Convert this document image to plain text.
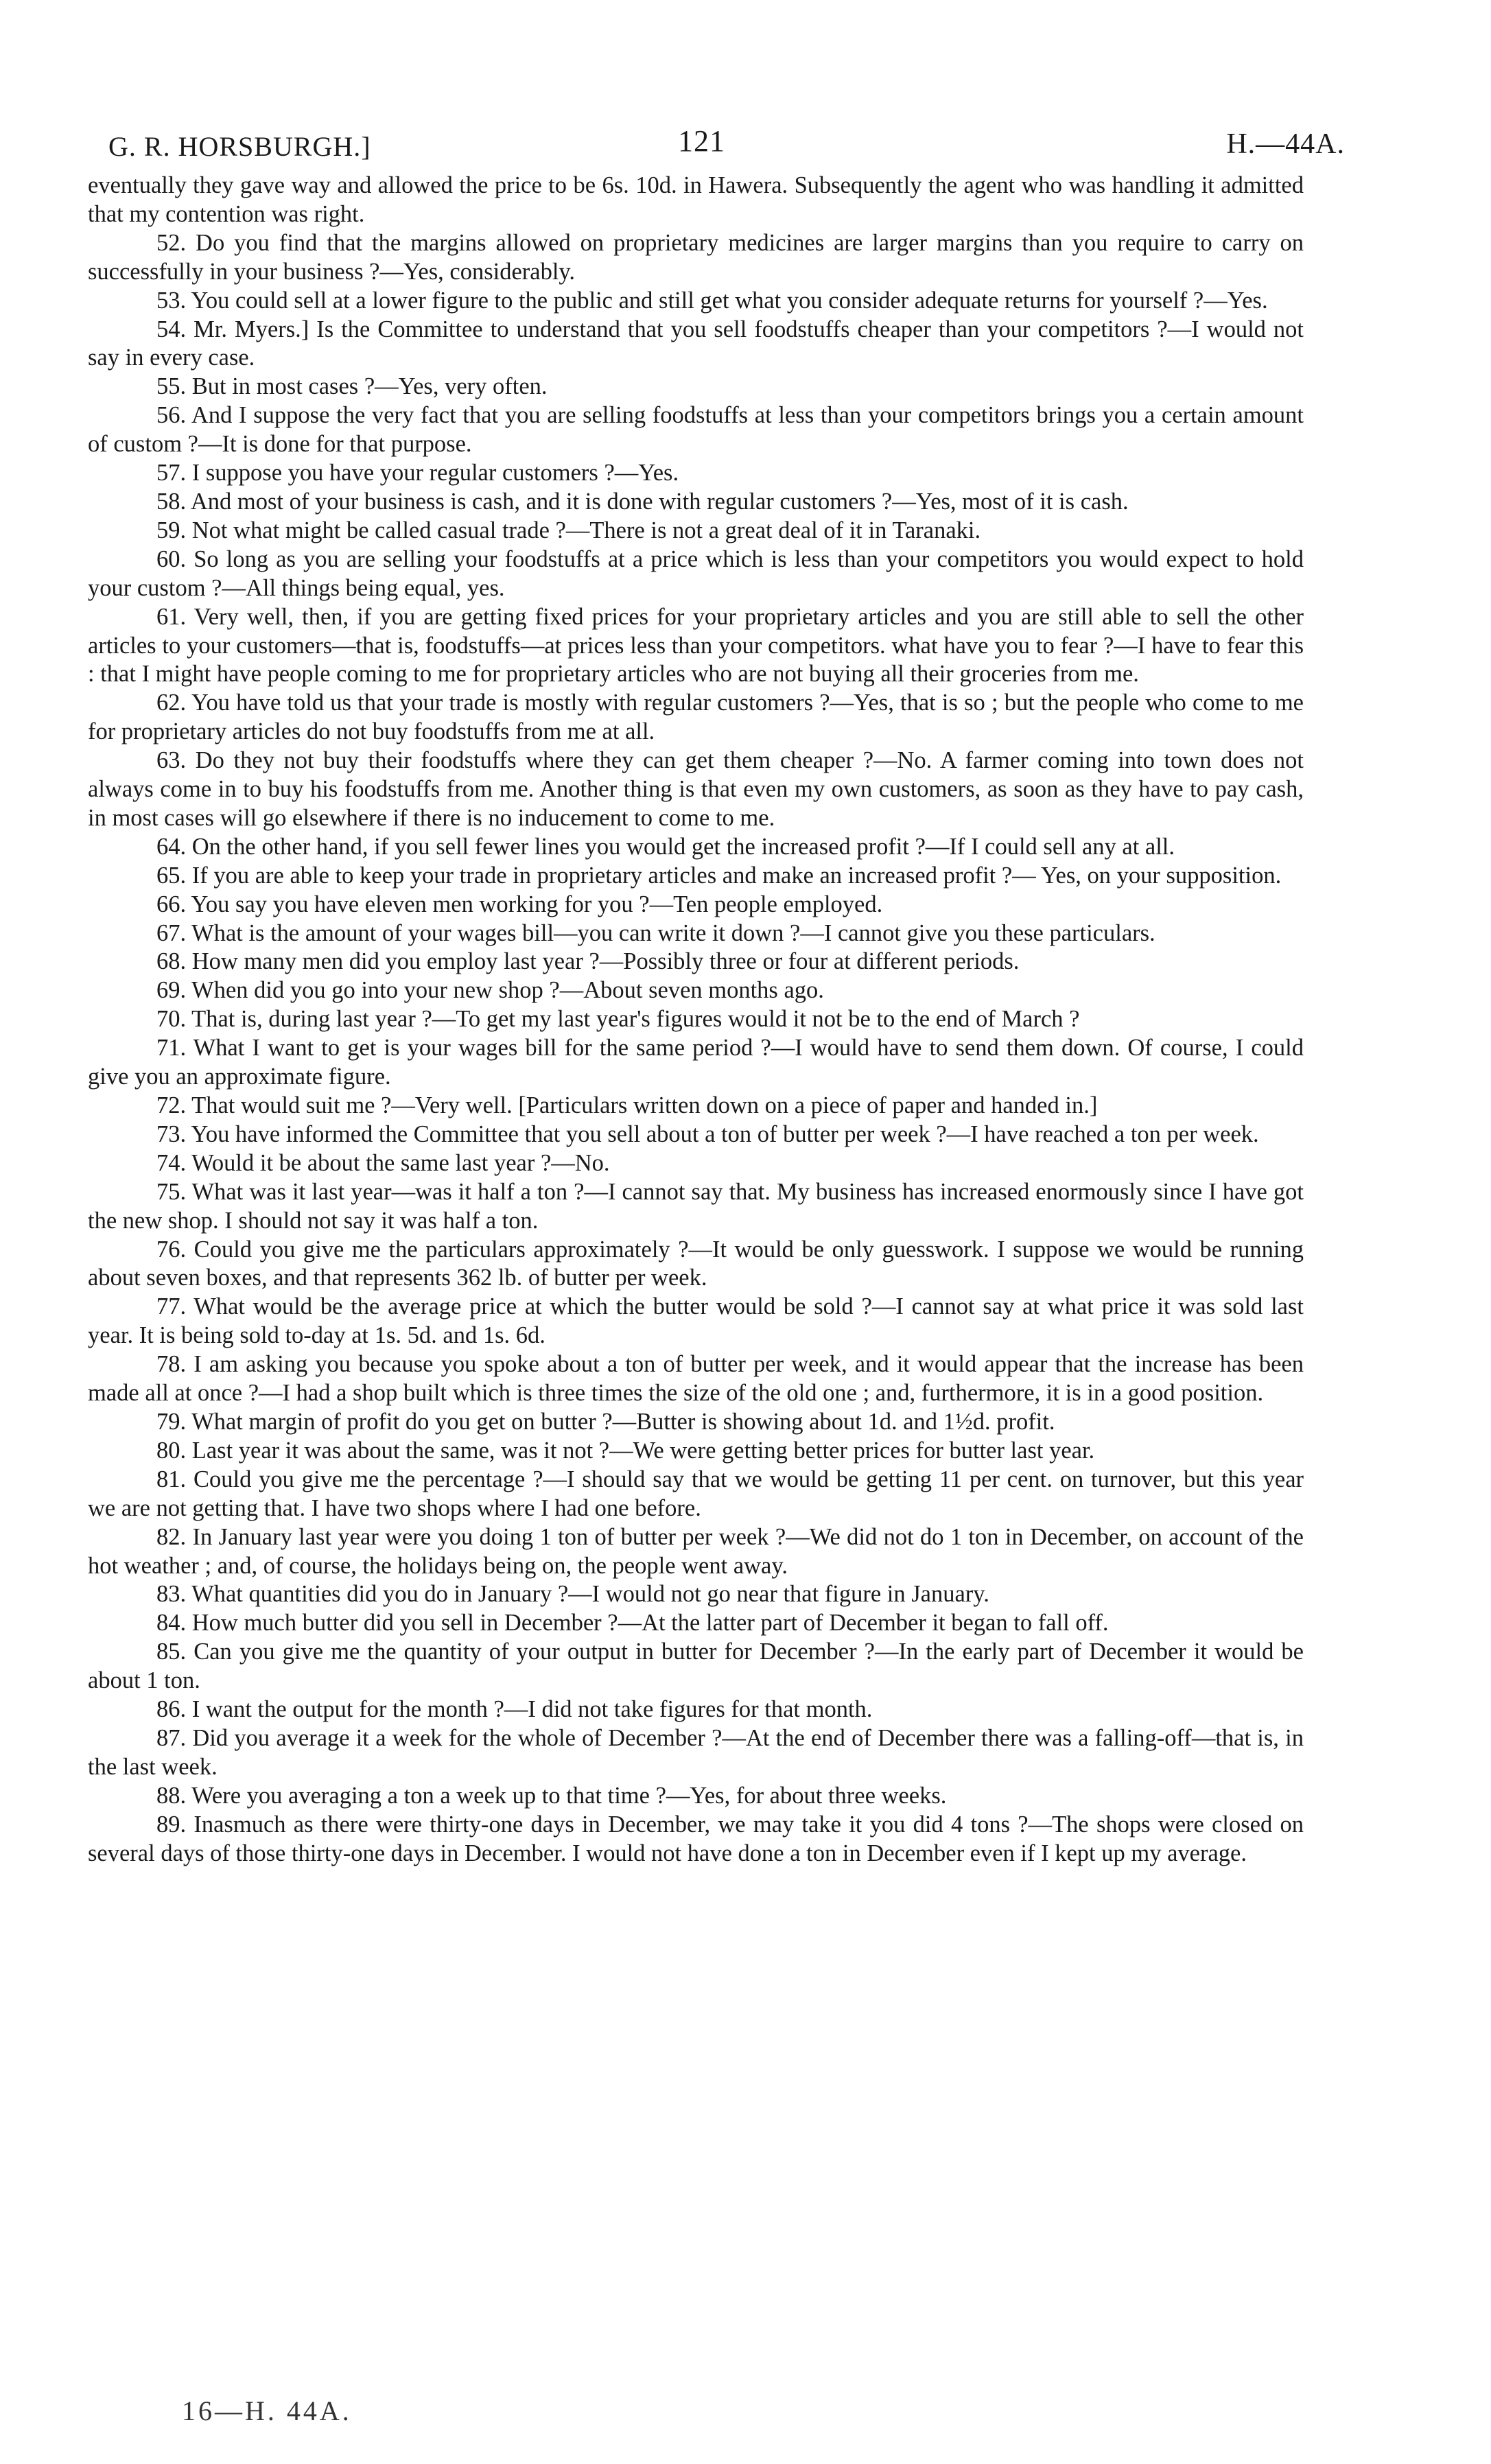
G. R. HORSBURGH.]	121	H.—44A.

eventually they gave way and allowed the price to be 6s. 10d. in Hawera. Subsequently the agent who was handling it admitted that my contention was right.

52. Do you find that the margins allowed on proprietary medicines are larger margins than you require to carry on successfully in your business ?—Yes, considerably.

53. You could sell at a lower figure to the public and still get what you consider adequate returns for yourself ?—Yes.

54. Mr. Myers.] Is the Committee to understand that you sell foodstuffs cheaper than your competitors ?—I would not say in every case.

55. But in most cases ?—Yes, very often.

56. And I suppose the very fact that you are selling foodstuffs at less than your competitors brings you a certain amount of custom ?—It is done for that purpose.

57. I suppose you have your regular customers ?—Yes.

58. And most of your business is cash, and it is done with regular customers ?—Yes, most of it is cash.

59. Not what might be called casual trade ?—There is not a great deal of it in Taranaki.

60. So long as you are selling your foodstuffs at a price which is less than your competitors you would expect to hold your custom ?—All things being equal, yes.

61. Very well, then, if you are getting fixed prices for your proprietary articles and you are still able to sell the other articles to your customers—that is, foodstuffs—at prices less than your competitors. what have you to fear ?—I have to fear this : that I might have people coming to me for proprietary articles who are not buying all their groceries from me.

62. You have told us that your trade is mostly with regular customers ?—Yes, that is so ; but the people who come to me for proprietary articles do not buy foodstuffs from me at all.

63. Do they not buy their foodstuffs where they can get them cheaper ?—No. A farmer coming into town does not always come in to buy his foodstuffs from me. Another thing is that even my own customers, as soon as they have to pay cash, in most cases will go elsewhere if there is no inducement to come to me.

64. On the other hand, if you sell fewer lines you would get the increased profit ?—If I could sell any at all.

65. If you are able to keep your trade in proprietary articles and make an increased profit ?— Yes, on your supposition.

66. You say you have eleven men working for you ?—Ten people employed.

67. What is the amount of your wages bill—you can write it down ?—I cannot give you these particulars.

68. How many men did you employ last year ?—Possibly three or four at different periods.

69. When did you go into your new shop ?—About seven months ago.

70. That is, during last year ?—To get my last year's figures would it not be to the end of March ?

71. What I want to get is your wages bill for the same period ?—I would have to send them down. Of course, I could give you an approximate figure.

72. That would suit me ?—Very well. [Particulars written down on a piece of paper and handed in.]

73. You have informed the Committee that you sell about a ton of butter per week ?—I have reached a ton per week.

74. Would it be about the same last year ?—No.

75. What was it last year—was it half a ton ?—I cannot say that. My business has increased enormously since I have got the new shop. I should not say it was half a ton.

76. Could you give me the particulars approximately ?—It would be only guesswork. I suppose we would be running about seven boxes, and that represents 362 lb. of butter per week.

77. What would be the average price at which the butter would be sold ?—I cannot say at what price it was sold last year. It is being sold to-day at 1s. 5d. and 1s. 6d.

78. I am asking you because you spoke about a ton of butter per week, and it would appear that the increase has been made all at once ?—I had a shop built which is three times the size of the old one ; and, furthermore, it is in a good position.

79. What margin of profit do you get on butter ?—Butter is showing about 1d. and 1½d. profit.

80. Last year it was about the same, was it not ?—We were getting better prices for butter last year.

81. Could you give me the percentage ?—I should say that we would be getting 11 per cent. on turnover, but this year we are not getting that. I have two shops where I had one before.

82. In January last year were you doing 1 ton of butter per week ?—We did not do 1 ton in December, on account of the hot weather ; and, of course, the holidays being on, the people went away.

83. What quantities did you do in January ?—I would not go near that figure in January.

84. How much butter did you sell in December ?—At the latter part of December it began to fall off.

85. Can you give me the quantity of your output in butter for December ?—In the early part of December it would be about 1 ton.

86. I want the output for the month ?—I did not take figures for that month.

87. Did you average it a week for the whole of December ?—At the end of December there was a falling-off—that is, in the last week.

88. Were you averaging a ton a week up to that time ?—Yes, for about three weeks.

89. Inasmuch as there were thirty-one days in December, we may take it you did 4 tons ?—The shops were closed on several days of those thirty-one days in December. I would not have done a ton in December even if I kept up my average.

16—H. 44A.
